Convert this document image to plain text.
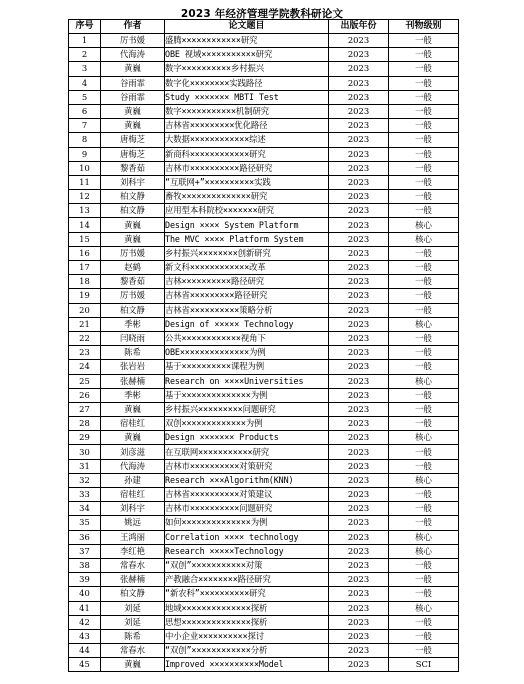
2023 年经济管理学院教科研论文
序号	作者	论文题目	出版年份	刊物级别
1	厉书媛	盛腾××××××××××××研究	2023	一般
2	代海涛	OBE 视域×××××××××××研究	2023	一般
3	黄巍	数字××××××××××乡村振兴	2023	一般
4	谷雨霏	数字化××××××××实践路径	2023	一般
5	谷雨霏	Study ××××××× MBTI Test	2023	一般
6	黄巍	数字×××××××××××机制研究	2023	一般
7	黄巍	吉林省×××××××××优化路径	2023	一般
8	唐梅芝	大数据××××××××××××综述	2023	一般
9	唐梅芝	新商科××××××××××××研究	2023	一般
10	黎香茹	吉林市××××××××××路径研究	2023	一般
11	刘科宇	“互联网+”××××××××××实践	2023	一般
12	柏文静	畜牧××××××××××××××研究	2023	一般
13	柏文静	应用型本科院校×××××××研究	2023	一般
14	黄巍	Design ×××× System Platform	2023	核心
15	黄巍	The MVC ×××× Platform System	2023	核心
16	厉书媛	乡村振兴××××××××创新研究	2023	一般
17	赵鹤	新文科××××××××××××改革	2023	一般
18	黎香茹	吉林××××××××××路径研究	2023	一般
19	厉书媛	吉林省×××××××××路径研究	2023	一般
20	柏文静	吉林省××××××××××策略分析	2023	一般
21	季彬	Design of ××××× Technology	2023	核心
22	闫晓雨	公共××××××××××××视角下	2023	一般
23	陈希	OBE××××××××××××××为例	2023	一般
24	张岩岩	基于××××××××××课程为例	2023	一般
25	张赫楠	Research on ××××Universities	2023	核心
26	季彬	基于××××××××××××××为例	2023	一般
27	黄巍	乡村振兴×××××××××问题研究	2023	一般
28	宿桂红	双创×××××××××××××为例	2023	一般
29	黄巍	Design ××××××× Products	2023	核心
30	刘彦滋	在互联网×××××××××××研究	2023	一般
31	代海涛	吉林市××××××××××对策研究	2023	一般
32	孙建	Research ×××Algorithm(KNN)	2023	核心
33	宿桂红	吉林省××××××××××对策建议	2023	一般
34	刘科宇	吉林市××××××××××问题研究	2023	一般
35	姚远	如何××××××××××××××为例	2023	一般
36	王鸿丽	Correlation ×××× technology	2023	核心
37	李红艳	Research ×××××Technology	2023	核心
38	常春水	“双创”×××××××××××对策	2023	一般
39	张赫楠	产教融合××××××××路径研究	2023	一般
40	柏文静	“新农科”××××××××××研究	2023	一般
41	刘延	地域××××××××××××××探析	2023	核心
42	刘延	思想××××××××××××××探析	2023	一般
43	陈希	中小企业××××××××××探讨	2023	一般
44	常春水	“双创”××××××××××××分析	2023	一般
45	黄巍	Improved ××××××××××Model	2023	SCI
